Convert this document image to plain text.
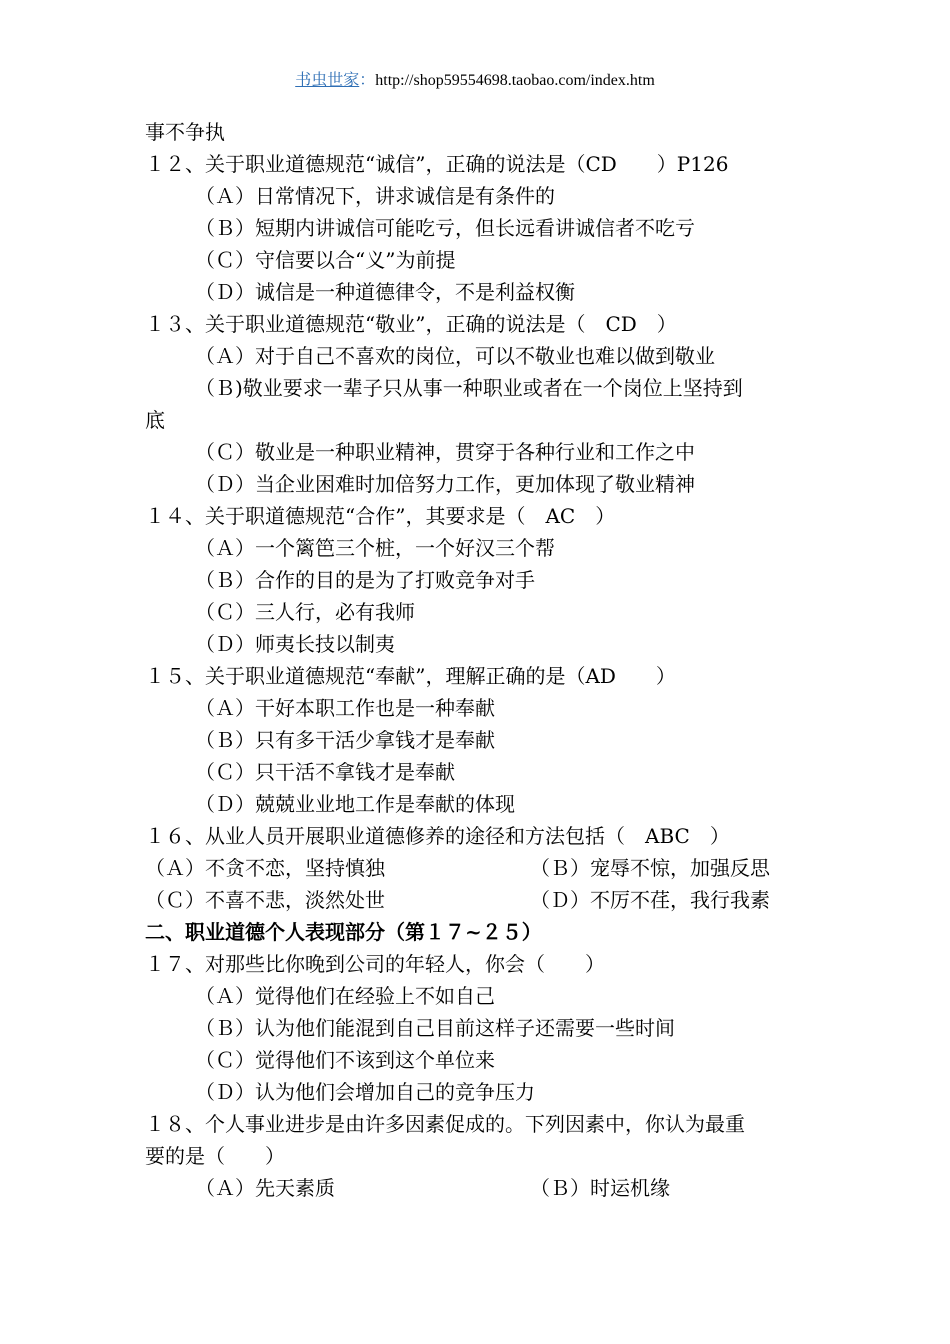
书虫世家：http://shop59554698.taobao.com/index.htm
事不争执
１２、关于职业道德规范“诚信”，正确的说法是（CD　　）P126
（Ａ）日常情况下，讲求诚信是有条件的
（Ｂ）短期内讲诚信可能吃亏，但长远看讲诚信者不吃亏
（Ｃ）守信要以合“义”为前提
（Ｄ）诚信是一种道德律令，不是利益权衡
１３、关于职业道德规范“敬业”，正确的说法是（　CD　）
（Ａ）对于自己不喜欢的岗位，可以不敬业也难以做到敬业
（Ｂ)敬业要求一辈子只从事一种职业或者在一个岗位上坚持到
底
（Ｃ）敬业是一种职业精神，贯穿于各种行业和工作之中
（Ｄ）当企业困难时加倍努力工作，更加体现了敬业精神
１４、关于职道德规范“合作”，其要求是（　AC　）
（Ａ）一个篱笆三个桩，一个好汉三个帮
（Ｂ）合作的目的是为了打败竞争对手
（Ｃ）三人行，必有我师
（Ｄ）师夷长技以制夷
１５、关于职业道德规范“奉献”，理解正确的是（AD　　）
（Ａ）干好本职工作也是一种奉献
（Ｂ）只有多干活少拿钱才是奉献
（Ｃ）只干活不拿钱才是奉献
（Ｄ）兢兢业业地工作是奉献的体现
１６、从业人员开展职业道德修养的途径和方法包括（　ABC　）
（Ａ）不贪不恋，坚持慎独	（Ｂ）宠辱不惊，加强反思
（Ｃ）不喜不悲，淡然处世	（Ｄ）不厉不荏，我行我素
二、职业道德个人表现部分（第１７~２５）
１７、对那些比你晚到公司的年轻人，你会（　　）
（Ａ）觉得他们在经验上不如自己
（Ｂ）认为他们能混到自己目前这样子还需要一些时间
（Ｃ）觉得他们不该到这个单位来
（Ｄ）认为他们会增加自己的竞争压力
１８、个人事业进步是由许多因素促成的。下列因素中，你认为最重
要的是（　　）
（Ａ）先天素质	（Ｂ）时运机缘
